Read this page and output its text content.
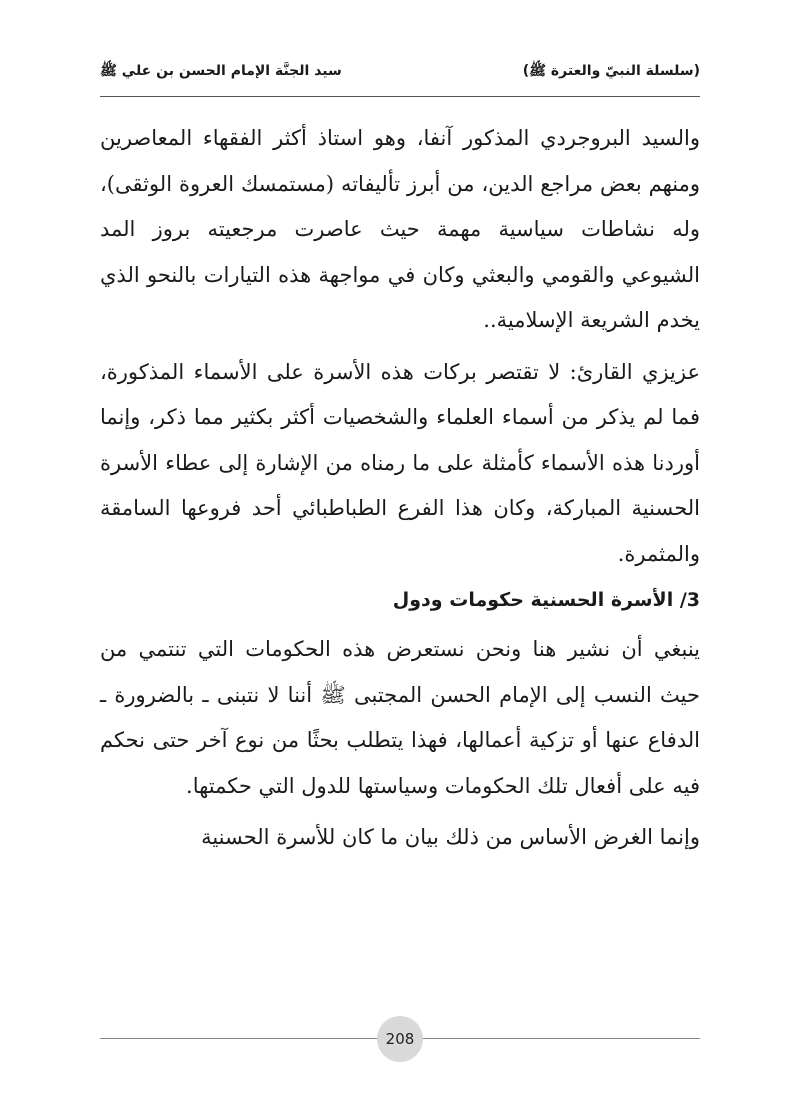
(سلسلة النبيّ والعترة ﷺ)
سيد الجنَّة الإمام الحسن بن علي ﷺ

والسيد البروجردي المذكور آنفا، وهو استاذ أكثر الفقهاء المعاصرين ومنهم بعض مراجع الدين، من أبرز تأليفاته (مستمسك العروة الوثقى)، وله نشاطات سياسية مهمة حيث عاصرت مرجعيته بروز المد الشيوعي والقومي والبعثي وكان في مواجهة هذه التيارات بالنحو الذي يخدم الشريعة الإسلامية..

عزيزي القارئ: لا تقتصر بركات هذه الأسرة على الأسماء المذكورة، فما لم يذكر من أسماء العلماء والشخصيات أكثر بكثير مما ذكر، وإنما أوردنا هذه الأسماء كأمثلة على ما رمناه من الإشارة إلى عطاء الأسرة الحسنية المباركة، وكان هذا الفرع الطباطبائي أحد فروعها السامقة والمثمرة.

3/ الأسرة الحسنية حكومات ودول

ينبغي أن نشير هنا ونحن نستعرض هذه الحكومات التي تنتمي من حيث النسب إلى الإمام الحسن المجتبى ﷺ أننا لا نتبنى ـ بالضرورة ـ الدفاع عنها أو تزكية أعمالها، فهذا يتطلب بحثًا من نوع آخر حتى نحكم فيه على أفعال تلك الحكومات وسياستها للدول التي حكمتها.

وإنما الغرض الأساس من ذلك بيان ما كان للأسرة الحسنية

208
